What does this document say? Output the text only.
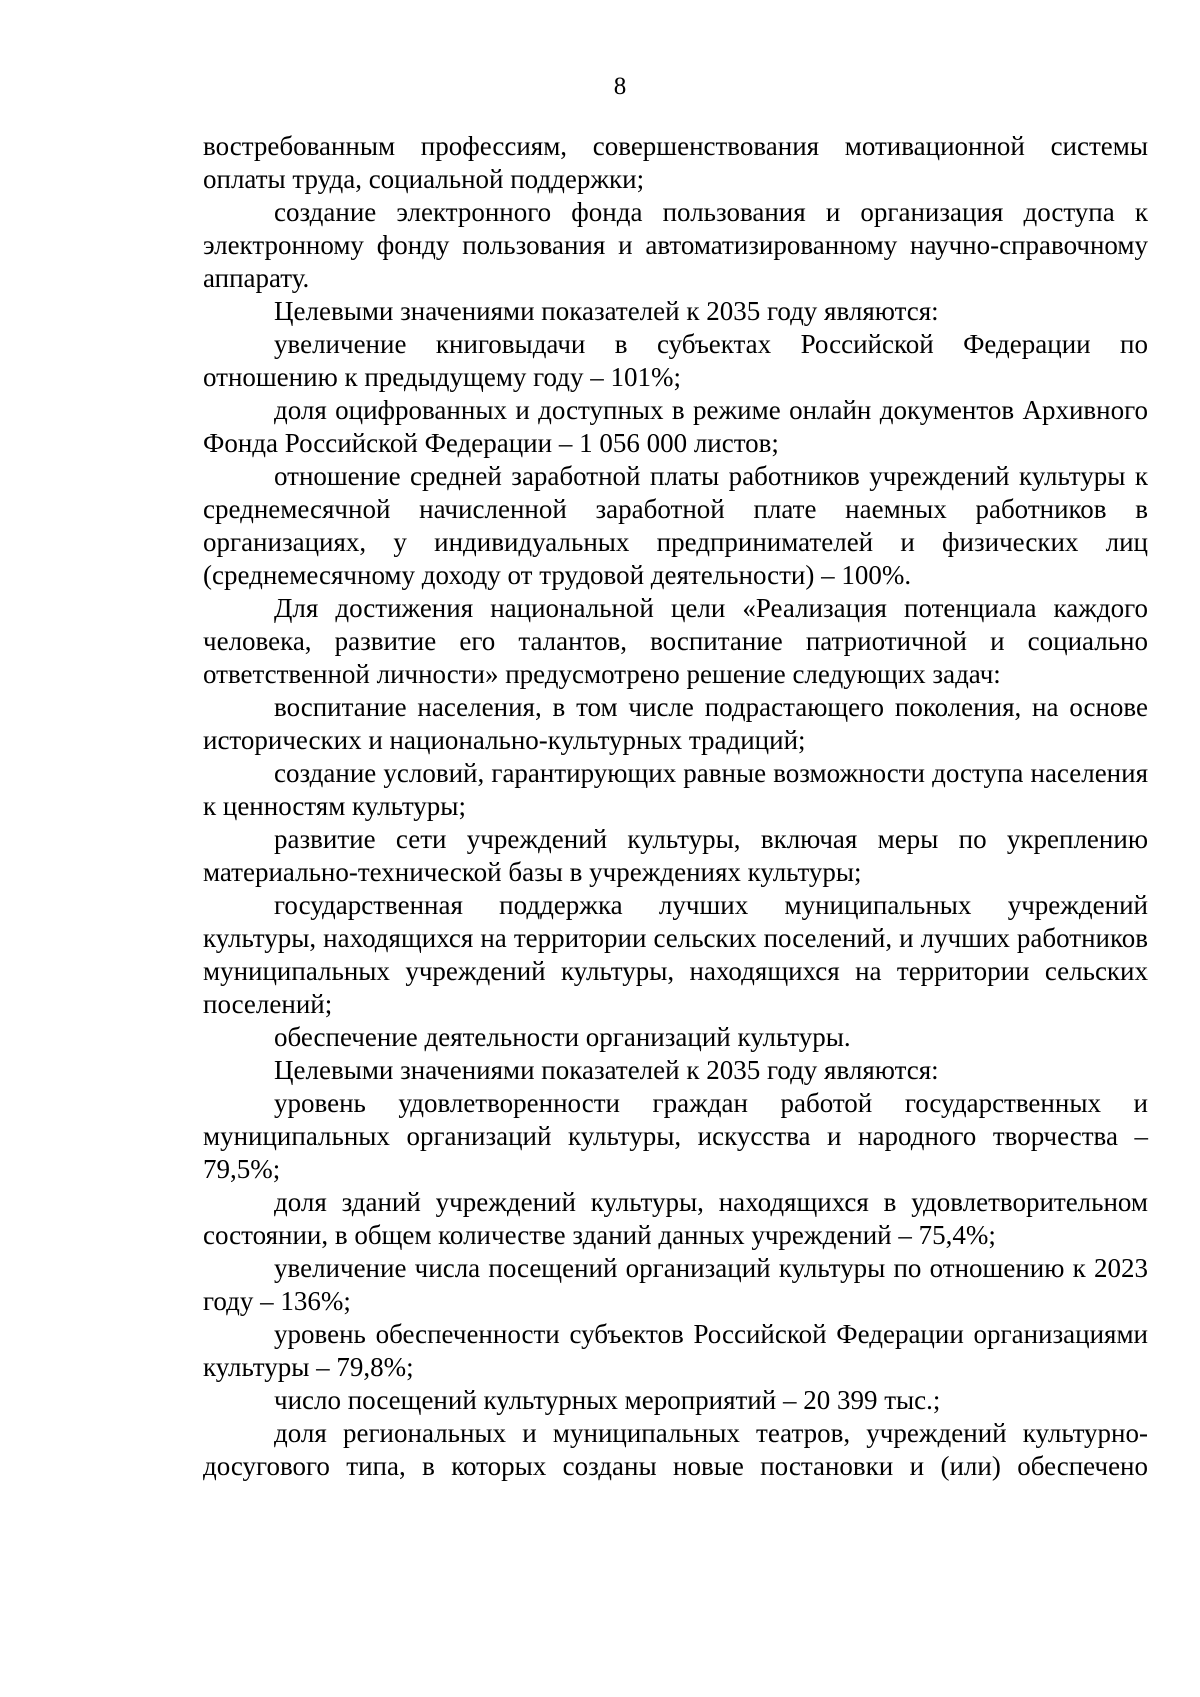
8

востребованным профессиям, совершенствования мотивационной системы оплаты труда, социальной поддержки;

создание электронного фонда пользования и организация доступа к электронному фонду пользования и автоматизированному научно-справочному аппарату.

Целевыми значениями показателей к 2035 году являются:

увеличение книговыдачи в субъектах Российской Федерации по отношению к предыдущему году – 101%;

доля оцифрованных и доступных в режиме онлайн документов Архивного Фонда Российской Федерации – 1 056 000 листов;

отношение средней заработной платы работников учреждений культуры к среднемесячной начисленной заработной плате наемных работников в организациях, у индивидуальных предпринимателей и физических лиц (среднемесячному доходу от трудовой деятельности) – 100%.

Для достижения национальной цели «Реализация потенциала каждого человека, развитие его талантов, воспитание патриотичной и социально ответственной личности» предусмотрено решение следующих задач:

воспитание населения, в том числе подрастающего поколения, на основе исторических и национально-культурных традиций;

создание условий, гарантирующих равные возможности доступа населения к ценностям культуры;

развитие сети учреждений культуры, включая меры по укреплению материально-технической базы в учреждениях культуры;

государственная поддержка лучших муниципальных учреждений культуры, находящихся на территории сельских поселений, и лучших работников муниципальных учреждений культуры, находящихся на территории сельских поселений;

обеспечение деятельности организаций культуры.

Целевыми значениями показателей к 2035 году являются:

уровень удовлетворенности граждан работой государственных и муниципальных организаций культуры, искусства и народного творчества – 79,5%;

доля зданий учреждений культуры, находящихся в удовлетворительном состоянии, в общем количестве зданий данных учреждений – 75,4%;

увеличение числа посещений организаций культуры по отношению к 2023 году – 136%;

уровень обеспеченности субъектов Российской Федерации организациями культуры – 79,8%;

число посещений культурных мероприятий – 20 399 тыс.;

доля региональных и муниципальных театров, учреждений культурно-досугового типа, в которых созданы новые постановки и (или) обеспечено
